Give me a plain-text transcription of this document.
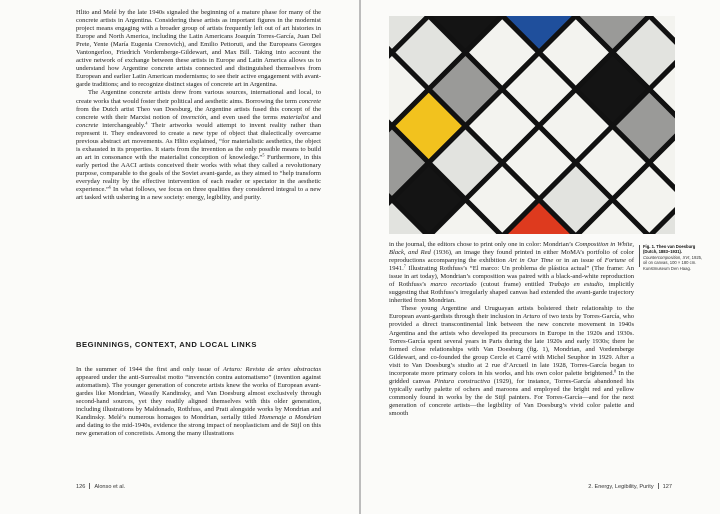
Hlito and Melé by the late 1940s signaled the beginning of a mature phase for many of the concrete artists in Argentina. Considering these artists as important figures in the modernist project means engaging with a broader group of artists frequently left out of art histories in Europe and North America, including the Latin Americans Joaquín Torres-García, Juan Del Prete, Yente (María Eugenia Crenovich), and Emilio Pettoruti, and the Europeans Georges Vantongerloo, Friedrich Vordemberge-Gildewart, and Max Bill. Taking into account the active network of exchange between these artists in Europe and Latin America allows us to understand how Argentine concrete artists connected and distinguished themselves from European and earlier Latin American modernisms; to see their active engagement with avant-garde traditions; and to recognize distinct stages of concrete art in Argentina.

The Argentine concrete artists drew from various sources, international and local, to create works that would foster their political and aesthetic aims. Borrowing the term concrete from the Dutch artist Theo van Doesburg, the Argentine artists fused this concept of the concrete with their Marxist notion of invención, and even used the terms materialist and concrete interchangeably.$^4$ Their artworks would attempt to invent reality rather than represent it. They endeavored to create a new type of object that dialectically overcame previous abstract art movements. As Hlito explained, “for materialistic aesthetics, the object is exhausted in its properties. It starts from the invention as the only possible means to build an art in consonance with the materialist conception of knowledge.”$^5$ Furthermore, in this early period the AACI artists conceived their works with what they called a revolutionary purpose, comparable to the goals of the Soviet avant-garde, as they aimed to “help transform everyday reality by the effective intervention of each reader or spectator in the aesthetic experience.”$^6$ In what follows, we focus on three qualities they considered integral to a new art tasked with ushering in a new society: energy, legibility, and purity.

BEGINNINGS, CONTEXT, AND LOCAL LINKS

In the summer of 1944 the first and only issue of Arturo: Revista de artes abstractas appeared under the anti-Surrealist motto “invención contra automatismo” (invention against automatism). The younger generation of concrete artists knew the works of European avant-gardes like Mondrian, Wassily Kandinsky, and Van Doesburg almost exclusively through second-hand sources, yet they readily aligned themselves with this older generation, including illustrations by Maldonado, Rothfuss, and Prati alongside works by Mondrian and Kandinsky. Melé’s numerous homages to Mondrian, serially titled Homenaje a Mondrian and dating to the mid-1940s, evidence the strong impact of neoplasticism and de Stijl on this new generation of concretists. Among the many illustrations

126 Alonso et al.

in the journal, the editors chose to print only one in color: Mondrian’s Composition in White, Black, and Red (1936), an image they found printed in either MoMA’s portfolio of color reproductions accompanying the exhibition Art in Our Time or in an issue of Fortune of 1941.$^7$ Illustrating Rothfuss’s “El marco: Un problema de plástica actual” (The frame: An issue in art today), Mondrian’s composition was paired with a black-and-white reproduction of Rothfuss’s marco recortado (cutout frame) entitled Trabajo en estudio, implicitly suggesting that Rothfuss’s irregularly shaped canvas had extended the avant-garde trajectory inherited from Mondrian.

These young Argentine and Uruguayan artists bolstered their relationship to the European avant-gardists through their inclusion in Arturo of two texts by Torres-García, who provided a direct transcontinental link between the new concrete movement in 1940s Argentina and the artists who developed its precursors in Europe in the 1920s and 1930s. Torres-García spent several years in Paris during the late 1920s and early 1930s; there he formed close relationships with Van Doesburg (fig. 1), Mondrian, and Vordemberge Gildewart, and co-founded the group Cercle et Carré with Michel Seuphor in 1929. After a visit to Van Doesburg’s studio at 2 rue d’Arcueil in late 1928, Torres-García began to incorporate more primary colors in his works, and his own color palette brightened.$^8$ In the gridded canvas Pintura constructiva (1929), for instance, Torres-García abandoned his typically earthy palette of ochers and maroons and employed the bright red and yellow commonly found in works by the de Stijl painters. For Torres-García—and for the next generation of concrete artists—the legibility of Van Doesburg’s vivid color palette and smooth

Fig. 1. Theo van Doesburg (Dutch, 1883–1931).
Countercomposition, XVI, 1925, oil on canvas, 100 × 180 cm. Kunstmuseum Den Haag.
2. Energy, Legibility, Purity 127
